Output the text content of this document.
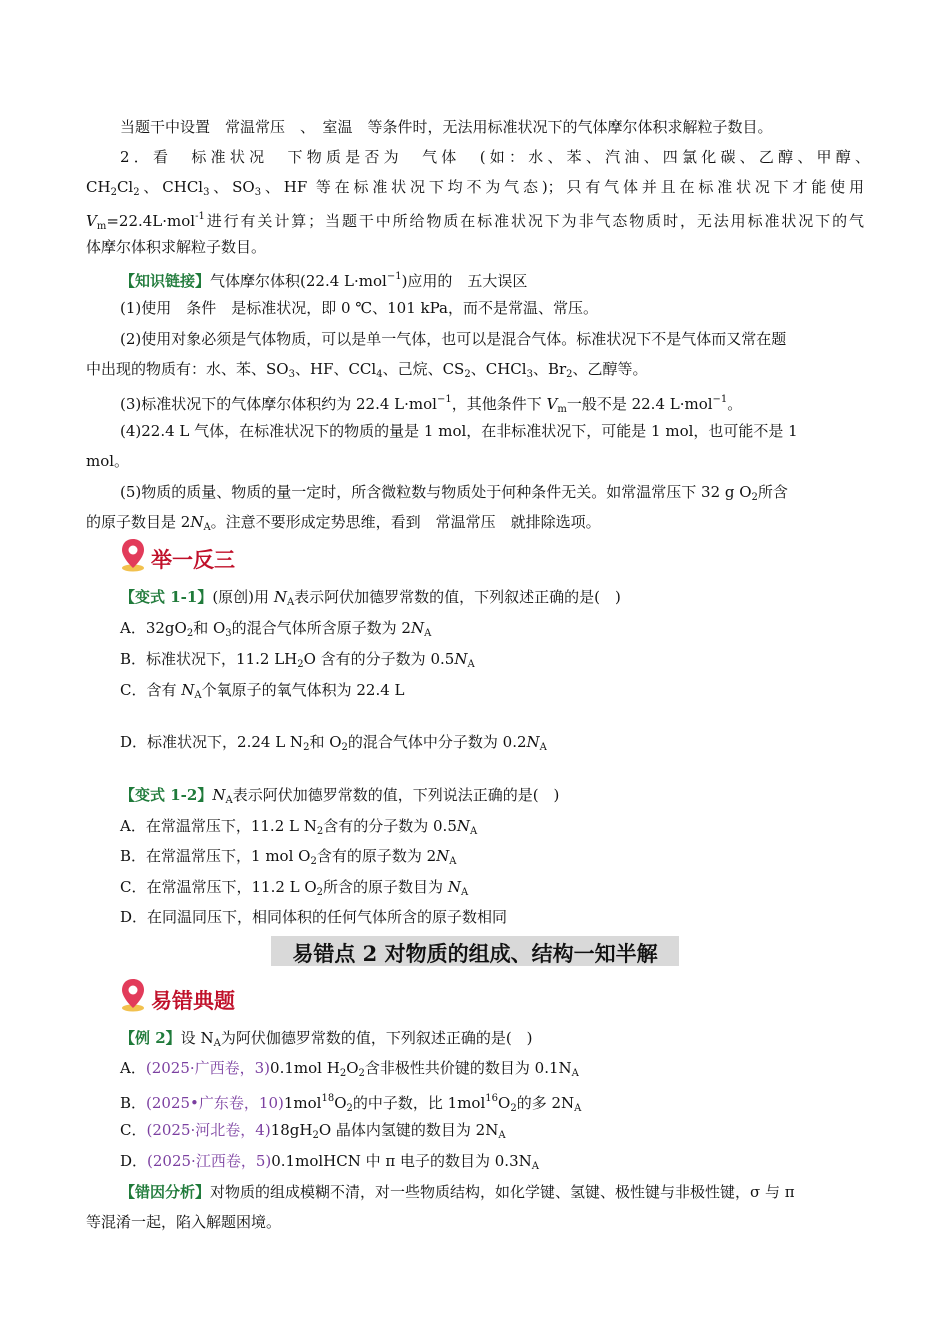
当题干中设置　常温常压　、　室温　等条件时，无法用标准状况下的气体摩尔体积求解粒子数目。
2．看　标准状况　下物质是否为　气体　(如：水、苯、汽油、四氯化碳、乙醇、甲醇、
$CH_2Cl_2$、CHCl$_3$、$SO_3$、HF 等在标准状况下均不为气态)；只有气体并且在标准状况下才能使用
$V_m=22.4L\cdot mol^{-1}$进行有关计算；当题干中所给物质在标准状况下为非气态物质时，无法用标准状况下的气
体摩尔体积求解粒子数目。
【知识链接】气体摩尔体积(22.4 L·mol$^{-1}$)应用的　五大误区
(1)使用　条件　是标准状况，即 0 ℃、101 kPa，而不是常温、常压。
(2)使用对象必须是气体物质，可以是单一气体，也可以是混合气体。标准状况下不是气体而又常在题
中出现的物质有：水、苯、$SO_3$、HF、CCl$_4$、己烷、$CS_2$、CHCl$_3$、$Br_2$、乙醇等。
(3)标准状况下的气体摩尔体积约为 22.4 L·mol$^{-1}$，其他条件下 $V_m$一般不是 22.4 L·mol$^{-1}$。
(4)22.4 L 气体，在标准状况下的物质的量是 1 mol，在非标准状况下，可能是 1 mol，也可能不是 1
mol。
(5)物质的质量、物质的量一定时，所含微粒数与物质处于何种条件无关。如常温常压下 32 g $O_2$所含
的原子数目是 $2N_A$。注意不要形成定势思维，看到　常温常压　就排除选项。
举一反三
【变式 1-1】(原创)用 $N_A$表示阿伏加德罗常数的值，下列叙述正确的是(　)
A．$32gO_2$和 $O_3$的混合气体所含原子数为 $2N_A$
B．标准状况下，11.2 $LH_2O$ 含有的分子数为 $0.5N_A$
C．含有 $N_A$个氧原子的氧气体积为 22.4 L
D．标准状况下，2.24 L $N_2$和 $O_2$的混合气体中分子数为 $0.2N_A$
【变式 1-2】$N_A$表示阿伏加德罗常数的值，下列说法正确的是(　)
A．在常温常压下，11.2 L $N_2$含有的分子数为 $0.5N_A$
B．在常温常压下，1 mol $O_2$含有的原子数为 $2N_A$
C．在常温常压下，11.2 L $O_2$所含的原子数目为 $N_A$
D．在同温同压下，相同体积的任何气体所含的原子数相同
易错点 2 对物质的组成、结构一知半解
易错典题
【例 2】设 $N_A$为阿伏伽德罗常数的值，下列叙述正确的是(　)
A．(2025·广西卷，3)0.1mol $H_2O_2$含非极性共价键的数目为 $0.1N_A$
B．(2025•广东卷，$10)1mol^{18}O_2$的中子数，比 $1mol^{16}O_2$的多 $2N_A$
C．(2025·河北卷，$4)18gH_2O$ 晶体内氢键的数目为 $2N_A$
D．(2025·江西卷，5)0.1molHCN 中 π 电子的数目为 $0.3N_A$
【错因分析】对物质的组成模糊不清，对一些物质结构，如化学键、氢键、极性键与非极性键，σ 与 π
等混淆一起，陷入解题困境。
